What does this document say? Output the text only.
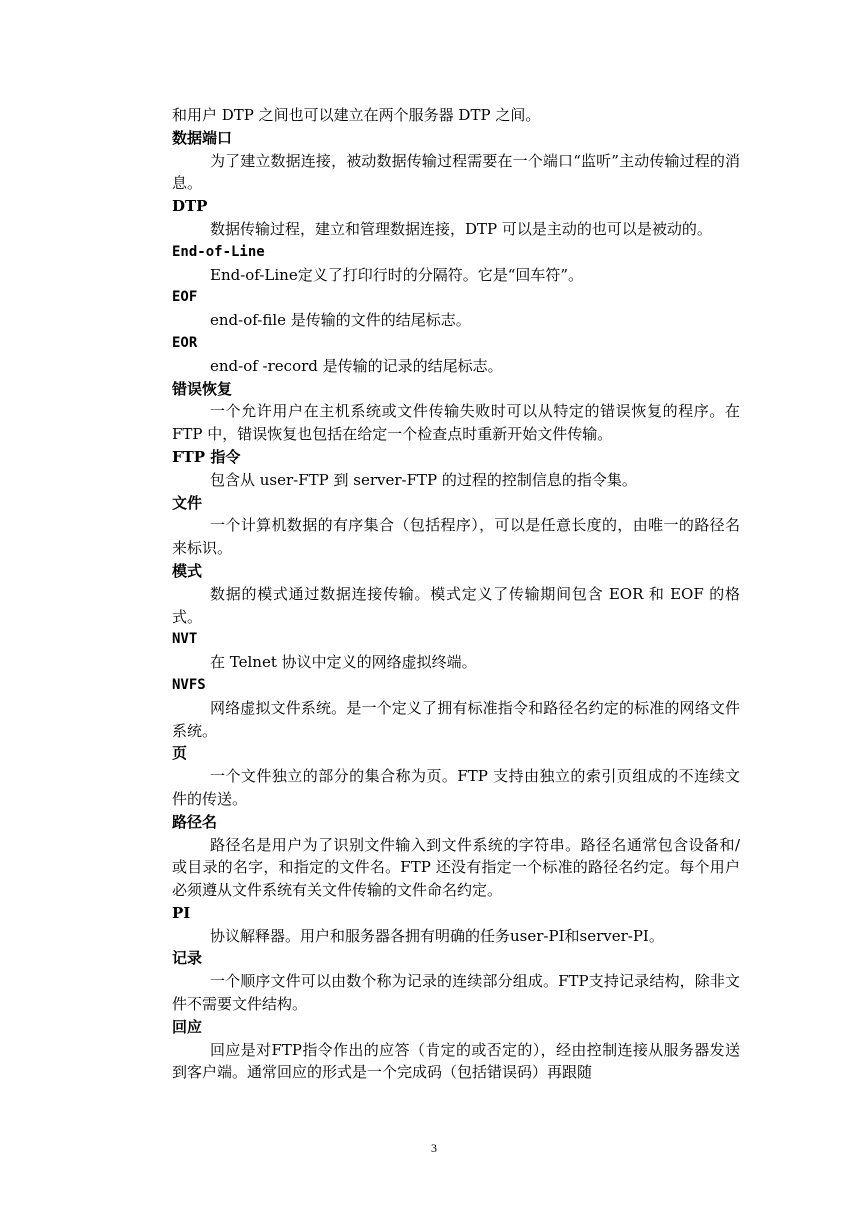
和用户 DTP 之间也可以建立在两个服务器 DTP 之间。

数据端口

为了建立数据连接，被动数据传输过程需要在一个端口“监听”主动传输过程的消息。

DTP

数据传输过程，建立和管理数据连接，DTP 可以是主动的也可以是被动的。

End-of-Line

End-of-Line定义了打印行时的分隔符。它是“回车符”。

EOF

end-of-file 是传输的文件的结尾标志。

EOR

end-of -record 是传输的记录的结尾标志。

错误恢复

一个允许用户在主机系统或文件传输失败时可以从特定的错误恢复的程序。在 FTP 中，错误恢复也包括在给定一个检查点时重新开始文件传输。

FTP 指令

包含从 user-FTP 到 server-FTP 的过程的控制信息的指令集。

文件

一个计算机数据的有序集合（包括程序），可以是任意长度的，由唯一的路径名来标识。

模式

数据的模式通过数据连接传输。模式定义了传输期间包含 EOR 和 EOF 的格式。

NVT

在 Telnet 协议中定义的网络虚拟终端。

NVFS

网络虚拟文件系统。是一个定义了拥有标准指令和路径名约定的标准的网络文件系统。

页

一个文件独立的部分的集合称为页。FTP 支持由独立的索引页组成的不连续文件的传送。

路径名

路径名是用户为了识别文件输入到文件系统的字符串。路径名通常包含设备和/或目录的名字，和指定的文件名。FTP 还没有指定一个标准的路径名约定。每个用户必须遵从文件系统有关文件传输的文件命名约定。

PI

协议解释器。用户和服务器各拥有明确的任务user-PI和server-PI。

记录

一个顺序文件可以由数个称为记录的连续部分组成。FTP支持记录结构，除非文件不需要文件结构。

回应

回应是对FTP指令作出的应答（肯定的或否定的），经由控制连接从服务器发送到客户端。通常回应的形式是一个完成码（包括错误码）再跟随

3
